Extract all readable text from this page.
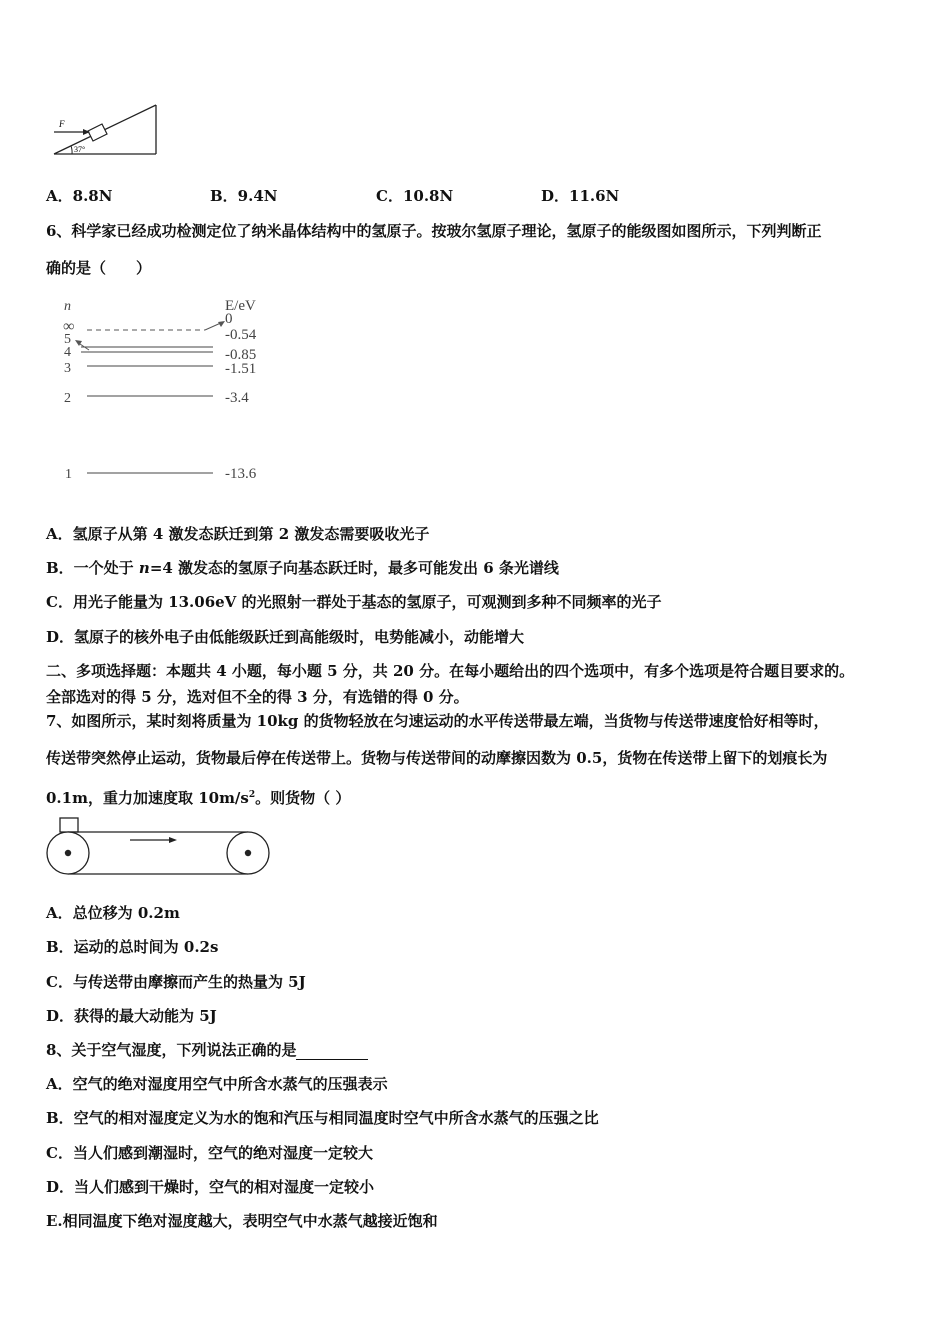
F
37°
A．8.8N	B．9.4N	C．10.8N	D．11.6N
6、科学家已经成功检测定位了纳米晶体结构中的氢原子。按玻尔氢原子理论，氢原子的能级图如图所示，下列判断正
确的是（　　）
n	E/eV
∞	0
5	-0.54
4	-0.85
3	-1.51
2	-3.4
1	-13.6
A．氢原子从第 4 激发态跃迁到第 2 激发态需要吸收光子
B．一个处于 n=4 激发态的氢原子向基态跃迁时，最多可能发出 6 条光谱线
C．用光子能量为 13.06eV 的光照射一群处于基态的氢原子，可观测到多种不同频率的光子
D．氢原子的核外电子由低能级跃迁到高能级时，电势能减小，动能增大
二、多项选择题：本题共 4 小题，每小题 5 分，共 20 分。在每小题给出的四个选项中，有多个选项是符合题目要求的。
全部选对的得 5 分，选对但不全的得 3 分，有选错的得 0 分。
7、如图所示，某时刻将质量为 10kg 的货物轻放在匀速运动的水平传送带最左端，当货物与传送带速度恰好相等时，
传送带突然停止运动，货物最后停在传送带上。货物与传送带间的动摩擦因数为 0.5，货物在传送带上留下的划痕长为
0.1m，重力加速度取 $10m/s^2$。则货物（ ）
A．总位移为 0.2m
B．运动的总时间为 0.2s
C．与传送带由摩擦而产生的热量为 5J
D．获得的最大动能为 5J
8、关于空气湿度，下列说法正确的是
A．空气的绝对湿度用空气中所含水蒸气的压强表示
B．空气的相对湿度定义为水的饱和汽压与相同温度时空气中所含水蒸气的压强之比
C．当人们感到潮湿时，空气的绝对湿度一定较大
D．当人们感到干燥时，空气的相对湿度一定较小
E.相同温度下绝对湿度越大，表明空气中水蒸气越接近饱和
